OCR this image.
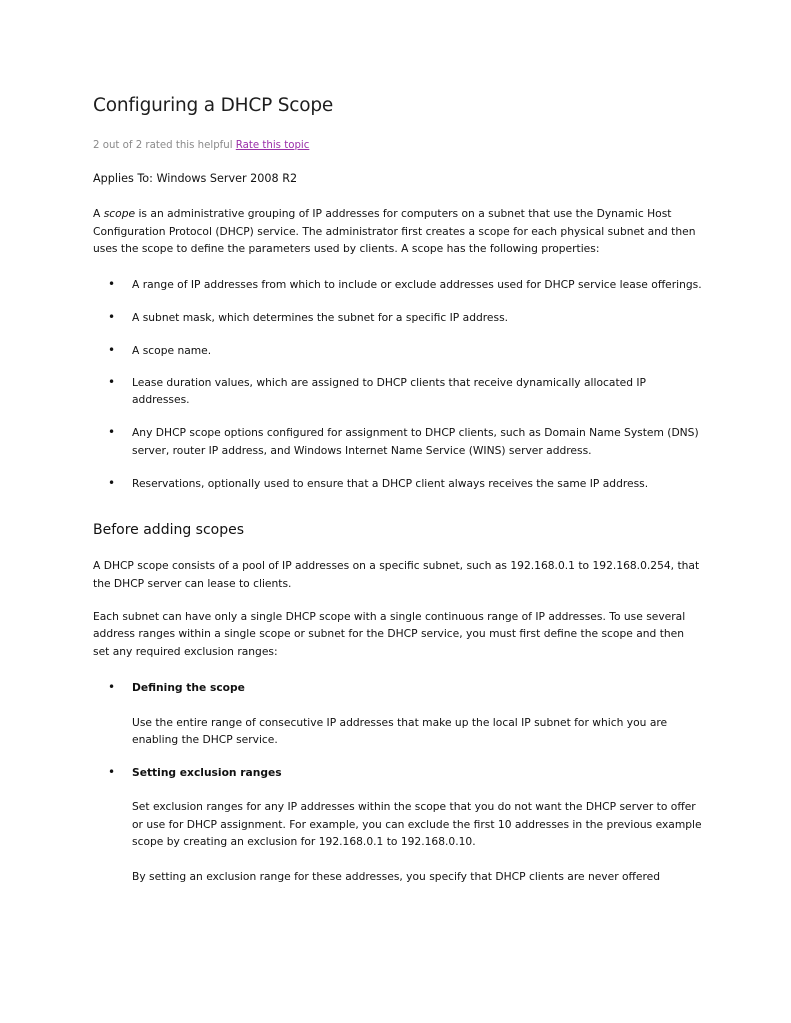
Configuring a DHCP Scope
2 out of 2 rated this helpful Rate this topic
Applies To: Windows Server 2008 R2

A scope is an administrative grouping of IP addresses for computers on a subnet that use the Dynamic Host Configuration Protocol (DHCP) service. The administrator first creates a scope for each physical subnet and then uses the scope to define the parameters used by clients. A scope has the following properties:

• A range of IP addresses from which to include or exclude addresses used for DHCP service lease offerings.
• A subnet mask, which determines the subnet for a specific IP address.
• A scope name.
• Lease duration values, which are assigned to DHCP clients that receive dynamically allocated IP addresses.
• Any DHCP scope options configured for assignment to DHCP clients, such as Domain Name System (DNS) server, router IP address, and Windows Internet Name Service (WINS) server address.
• Reservations, optionally used to ensure that a DHCP client always receives the same IP address.
Before adding scopes

A DHCP scope consists of a pool of IP addresses on a specific subnet, such as 192.168.0.1 to 192.168.0.254, that the DHCP server can lease to clients.

Each subnet can have only a single DHCP scope with a single continuous range of IP addresses. To use several address ranges within a single scope or subnet for the DHCP service, you must first define the scope and then set any required exclusion ranges:

• Defining the scope
Use the entire range of consecutive IP addresses that make up the local IP subnet for which you are enabling the DHCP service.
• Setting exclusion ranges
Set exclusion ranges for any IP addresses within the scope that you do not want the DHCP server to offer or use for DHCP assignment. For example, you can exclude the first 10 addresses in the previous example scope by creating an exclusion for 192.168.0.1 to 192.168.0.10.
By setting an exclusion range for these addresses, you specify that DHCP clients are never offered
